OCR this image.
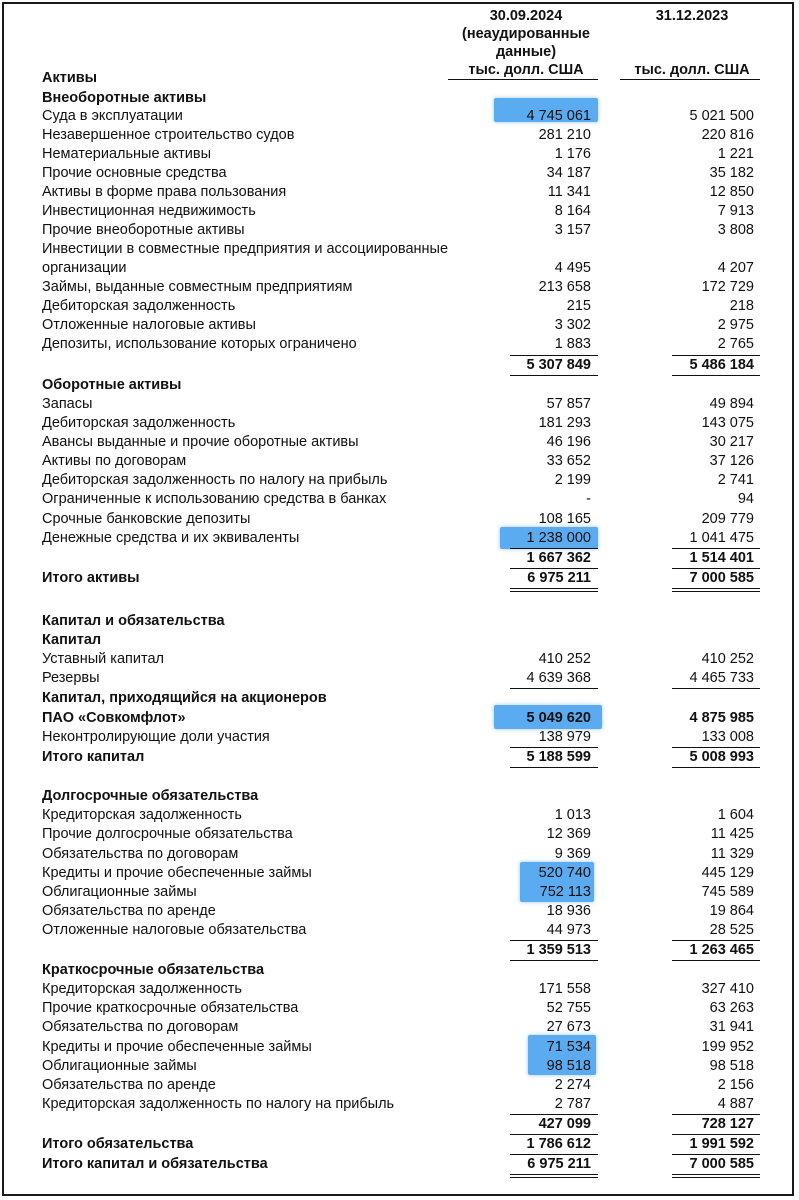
30.09.2024
(неаудированные
данные)
тыс. долл. США
31.12.2023
тыс. долл. США
Активы
Внеоборотные активы
Суда в эксплуатации	4 745 061	5 021 500
Незавершенное строительство судов	281 210	220 816
Нематериальные активы	1 176	1 221
Прочие основные средства	34 187	35 182
Активы в форме права пользования	11 341	12 850
Инвестиционная недвижимость	8 164	7 913
Прочие внеоборотные активы	3 157	3 808
Инвестиции в совместные предприятия и ассоциированные
организации	4 495	4 207
Займы, выданные совместным предприятиям	213 658	172 729
Дебиторская задолженность	215	218
Отложенные налоговые активы	3 302	2 975
Депозиты, использование которых ограничено	1 883	2 765
5 307 849	5 486 184
Оборотные активы
Запасы	57 857	49 894
Дебиторская задолженность	181 293	143 075
Авансы выданные и прочие оборотные активы	46 196	30 217
Активы по договорам	33 652	37 126
Дебиторская задолженность по налогу на прибыль	2 199	2 741
Ограниченные к использованию средства в банках	-	94
Срочные банковские депозиты	108 165	209 779
Денежные средства и их эквиваленты	1 238 000	1 041 475
1 667 362	1 514 401
Итого активы	6 975 211	7 000 585
Капитал и обязательства
Капитал
Уставный капитал	410 252	410 252
Резервы	4 639 368	4 465 733
Капитал, приходящийся на акционеров
ПАО «Совкомфлот»	5 049 620	4 875 985
Неконтролирующие доли участия	138 979	133 008
Итого капитал	5 188 599	5 008 993
Долгосрочные обязательства
Кредиторская задолженность	1 013	1 604
Прочие долгосрочные обязательства	12 369	11 425
Обязательства по договорам	9 369	11 329
Кредиты и прочие обеспеченные займы	520 740	445 129
Облигационные займы	752 113	745 589
Обязательства по аренде	18 936	19 864
Отложенные налоговые обязательства	44 973	28 525
1 359 513	1 263 465
Краткосрочные обязательства
Кредиторская задолженность	171 558	327 410
Прочие краткосрочные обязательства	52 755	63 263
Обязательства по договорам	27 673	31 941
Кредиты и прочие обеспеченные займы	71 534	199 952
Облигационные займы	98 518	98 518
Обязательства по аренде	2 274	2 156
Кредиторская задолженность по налогу на прибыль	2 787	4 887
427 099	728 127
Итого обязательства	1 786 612	1 991 592
Итого капитал и обязательства	6 975 211	7 000 585
